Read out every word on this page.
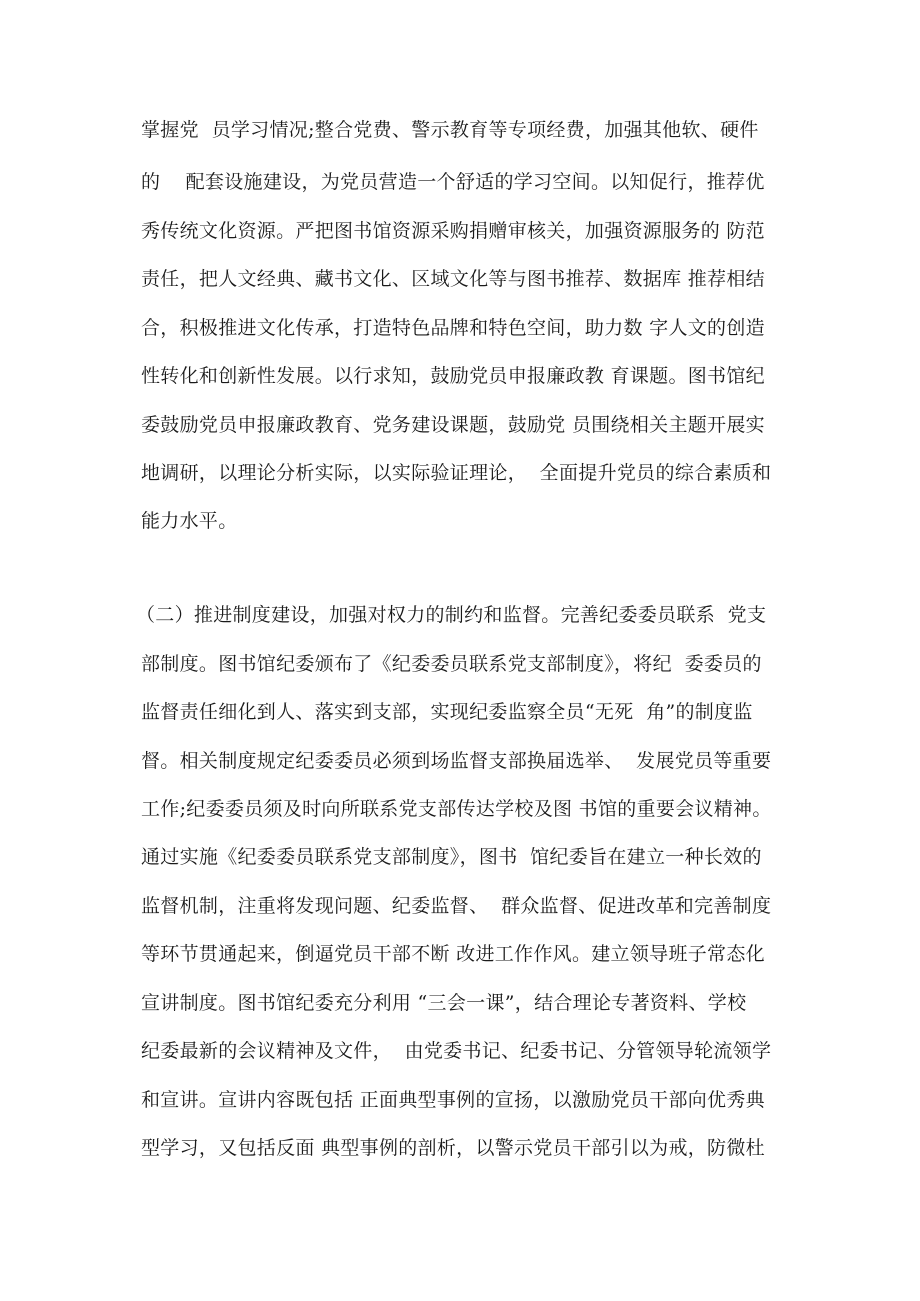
掌握党  员学习情况;整合党费、警示教育等专项经费，加强其他软、硬件
的    配套设施建设，为党员营造一个舒适的学习空间。以知促行，推荐优
秀传统文化资源。严把图书馆资源采购捐赠审核关，加强资源服务的 防范
责任，把人文经典、藏书文化、区域文化等与图书推荐、数据库 推荐相结
合，积极推进文化传承，打造特色品牌和特色空间，助力数 字人文的创造
性转化和创新性发展。以行求知，鼓励党员申报廉政教 育课题。图书馆纪
委鼓励党员申报廉政教育、党务建设课题，鼓励党 员围绕相关主题开展实
地调研，以理论分析实际，以实际验证理论，  全面提升党员的综合素质和
能力水平。
（二）推进制度建设，加强对权力的制约和监督。完善纪委委员联系  党支
部制度。图书馆纪委颁布了《纪委委员联系党支部制度》，将纪  委委员的
监督责任细化到人、落实到支部，实现纪委监察全员“无死  角”的制度监
督。相关制度规定纪委委员必须到场监督支部换届选举、  发展党员等重要
工作;纪委委员须及时向所联系党支部传达学校及图 书馆的重要会议精神。
通过实施《纪委委员联系党支部制度》，图书  馆纪委旨在建立一种长效的
监督机制，注重将发现问题、纪委监督、  群众监督、促进改革和完善制度
等环节贯通起来，倒逼党员干部不断 改进工作作风。建立领导班子常态化
宣讲制度。图书馆纪委充分利用 “三会一课”，结合理论专著资料、学校
纪委最新的会议精神及文件，  由党委书记、纪委书记、分管领导轮流领学
和宣讲。宣讲内容既包括 正面典型事例的宣扬，以激励党员干部向优秀典
型学习，又包括反面 典型事例的剖析，以警示党员干部引以为戒，防微杜
